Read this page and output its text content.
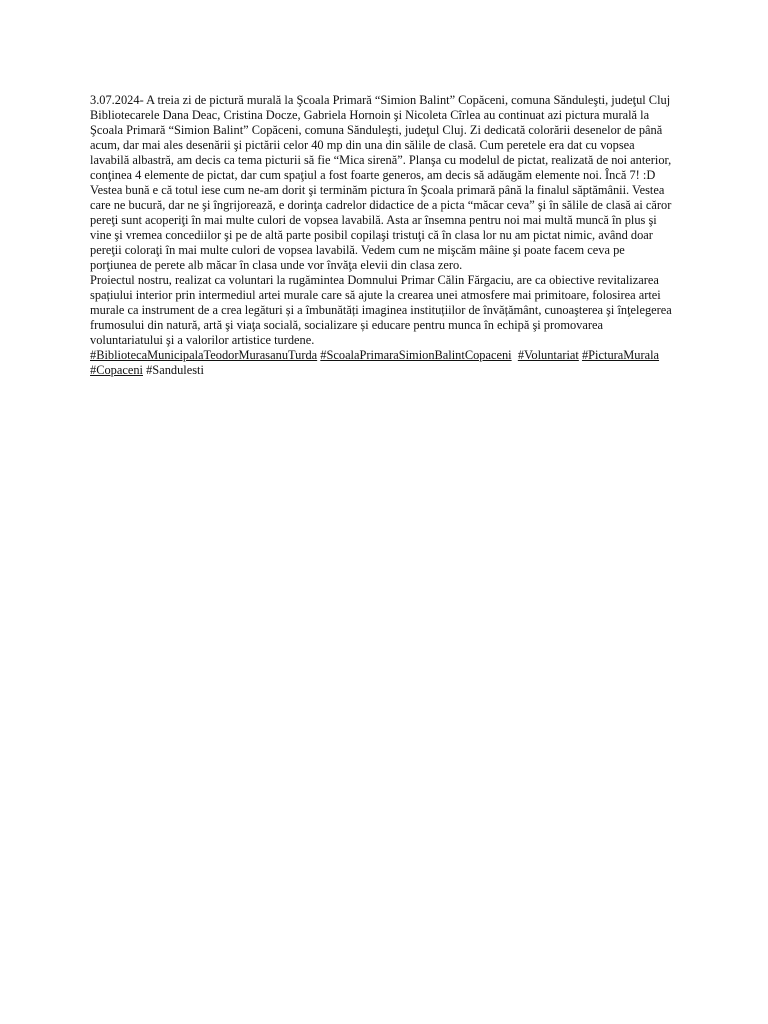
3.07.2024- A treia zi de pictură murală la Şcoala Primară “Simion Balint” Copăceni, comuna Sănduleşti, judeţul Cluj

Bibliotecarele Dana Deac, Cristina Docze, Gabriela Hornoin şi Nicoleta Cîrlea au continuat azi pictura murală la Şcoala Primară “Simion Balint” Copăceni, comuna Sănduleşti, judeţul Cluj. Zi dedicată colorării desenelor de până acum, dar mai ales desenării şi pictării celor 40 mp din una din sălile de clasă. Cum peretele era dat cu vopsea lavabilă albastră, am decis ca tema picturii să fie “Mica sirenă”. Planşa cu modelul de pictat, realizată de noi anterior, conţinea 4 elemente de pictat, dar cum spaţiul a fost foarte generos, am decis să adăugăm elemente noi. Încă 7! :D Vestea bună e că totul iese cum ne-am dorit şi terminăm pictura în Şcoala primară până la finalul săptămânii. Vestea care ne bucură, dar ne şi îngrijorează, e dorinţa cadrelor didactice de a picta “măcar ceva” şi în sălile de clasă ai căror pereţi sunt acoperiţi în mai multe culori de vopsea lavabilă. Asta ar însemna pentru noi mai multă muncă în plus şi vine şi vremea concediilor şi pe de altă parte posibil copilaşi tristuţi că în clasa lor nu am pictat nimic, având doar pereţii coloraţi în mai multe culori de vopsea lavabilă. Vedem cum ne mişcăm mâine şi poate facem ceva pe porţiunea de perete alb măcar în clasa unde vor învăţa elevii din clasa zero.

Proiectul nostru, realizat ca voluntari la rugămintea Domnului Primar Călin Fărgaciu, are ca obiective revitalizarea spațiului interior prin intermediul artei murale care să ajute la crearea unei atmosfere mai primitoare, folosirea artei murale ca instrument de a crea legături și a îmbunătăți imaginea instituțiilor de învățământ, cunoaşterea şi înţelegerea frumosului din natură, artă şi viaţa socială, socializare și educare pentru munca în echipă şi promovarea voluntariatului şi a valorilor artistice turdene.

#BibliotecaMunicipalaTeodorMurasanuTurda #ScoalaPrimaraSimionBalintCopaceni #Voluntariat #PicturaMurala #Copaceni #Sandulesti
